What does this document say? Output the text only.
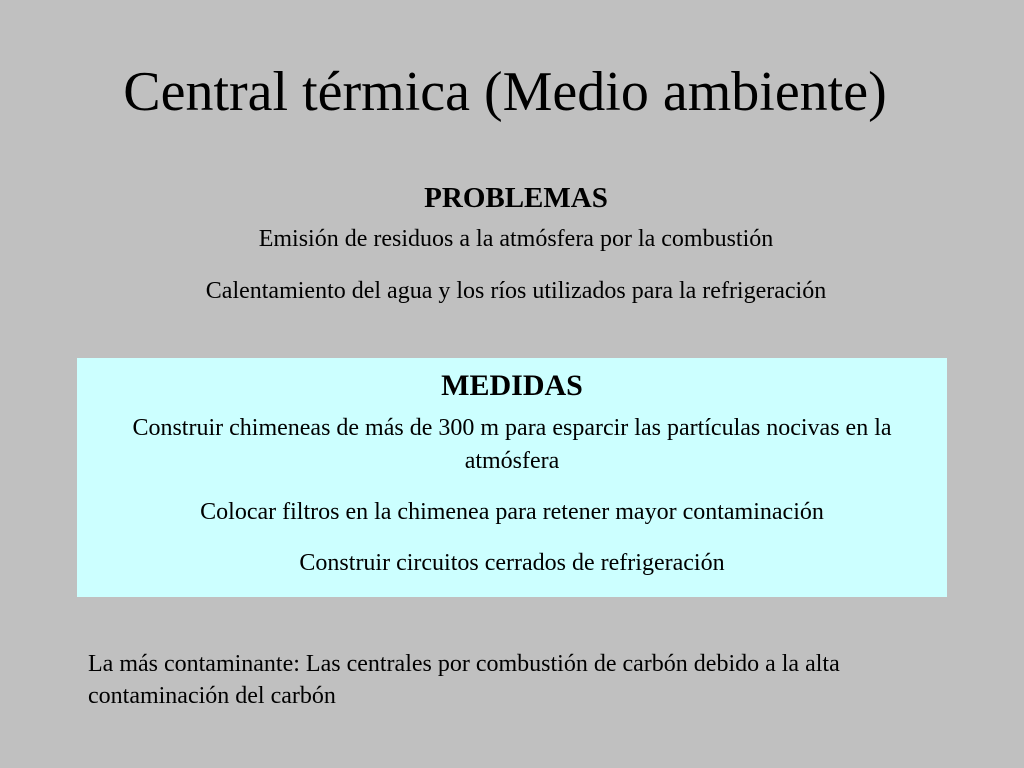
Central térmica (Medio ambiente)
PROBLEMAS
Emisión de residuos a la atmósfera por la combustión
Calentamiento del agua y los ríos utilizados para la refrigeración
MEDIDAS
Construir chimeneas de más de 300 m para esparcir las partículas nocivas en la atmósfera
Colocar filtros en la chimenea para retener mayor contaminación
Construir circuitos cerrados de refrigeración

La más contaminante: Las centrales por combustión de carbón debido a la alta contaminación del carbón
